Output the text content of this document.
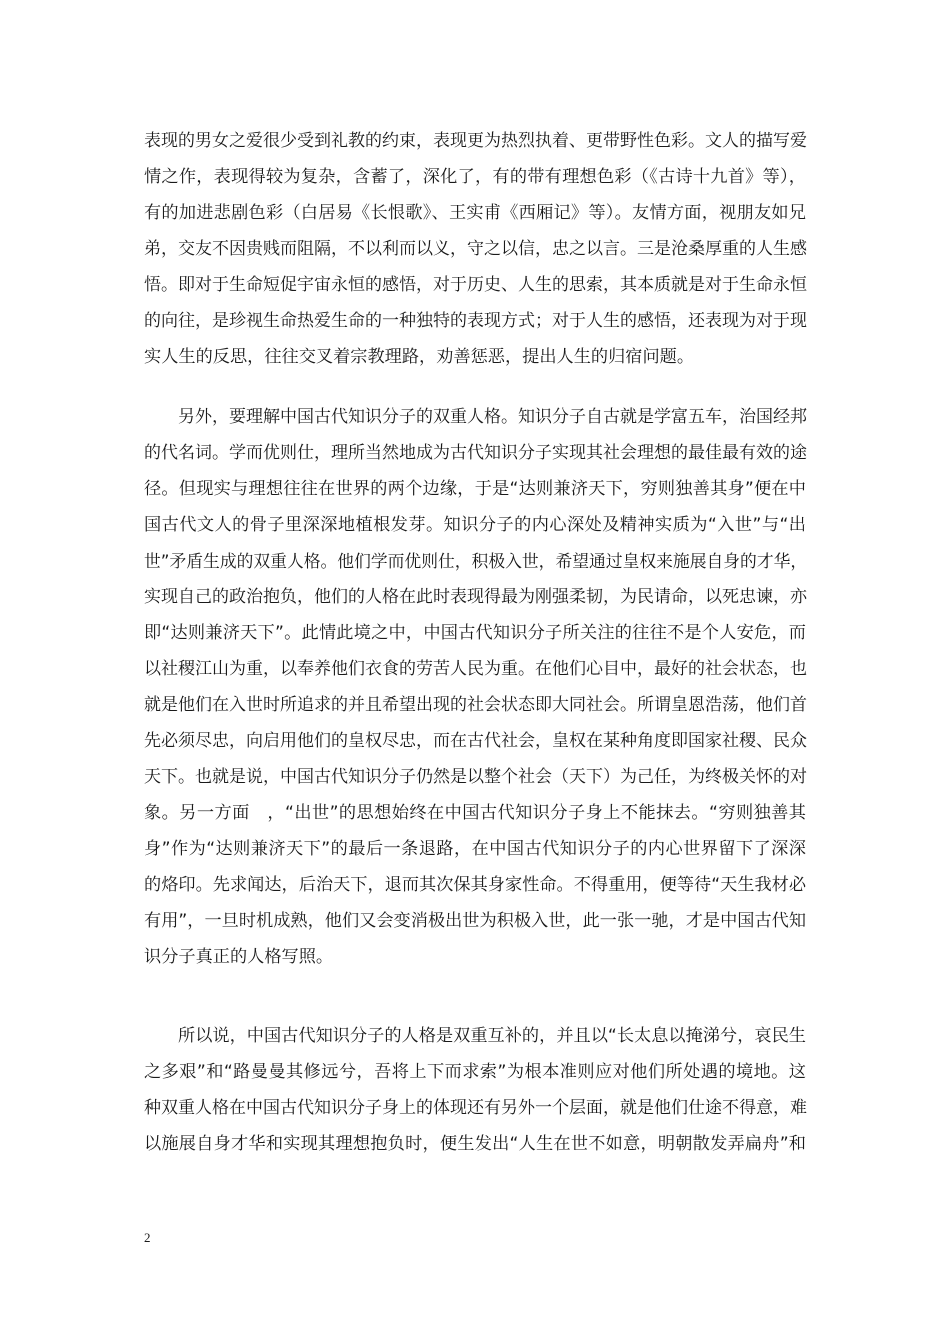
表现的男女之爱很少受到礼教的约束，表现更为热烈执着、更带野性色彩。文人的描写爱
情之作，表现得较为复杂，含蓄了，深化了，有的带有理想色彩（《古诗十九首》等），
有的加进悲剧色彩（白居易《长恨歌》、王实甫《西厢记》等）。友情方面，视朋友如兄
弟，交友不因贵贱而阻隔，不以利而以义，守之以信，忠之以言。三是沧桑厚重的人生感
悟。即对于生命短促宇宙永恒的感悟，对于历史、人生的思索，其本质就是对于生命永恒
的向往，是珍视生命热爱生命的一种独特的表现方式；对于人生的感悟，还表现为对于现
实人生的反思，往往交叉着宗教理路，劝善惩恶，提出人生的归宿问题。
另外，要理解中国古代知识分子的双重人格。知识分子自古就是学富五车，治国经邦
的代名词。学而优则仕，理所当然地成为古代知识分子实现其社会理想的最佳最有效的途
径。但现实与理想往往在世界的两个边缘，于是“达则兼济天下，穷则独善其身”便在中
国古代文人的骨子里深深地植根发芽。知识分子的内心深处及精神实质为“入世”与“出
世”矛盾生成的双重人格。他们学而优则仕，积极入世，希望通过皇权来施展自身的才华，
实现自己的政治抱负，他们的人格在此时表现得最为刚强柔韧，为民请命，以死忠谏，亦
即“达则兼济天下”。此情此境之中，中国古代知识分子所关注的往往不是个人安危，而
以社稷江山为重，以奉养他们衣食的劳苦人民为重。在他们心目中，最好的社会状态，也
就是他们在入世时所追求的并且希望出现的社会状态即大同社会。所谓皇恩浩荡，他们首
先必须尽忠，向启用他们的皇权尽忠，而在古代社会，皇权在某种角度即国家社稷、民众
天下。也就是说，中国古代知识分子仍然是以整个社会（天下）为己任，为终极关怀的对
象。另一方面　，“出世”的思想始终在中国古代知识分子身上不能抹去。“穷则独善其
身”作为“达则兼济天下”的最后一条退路，在中国古代知识分子的内心世界留下了深深
的烙印。先求闻达，后治天下，退而其次保其身家性命。不得重用，便等待“天生我材必
有用”，一旦时机成熟，他们又会变消极出世为积极入世，此一张一驰，才是中国古代知
识分子真正的人格写照。
所以说，中国古代知识分子的人格是双重互补的，并且以“长太息以掩涕兮，哀民生
之多艰”和“路曼曼其修远兮，吾将上下而求索”为根本准则应对他们所处遇的境地。这
种双重人格在中国古代知识分子身上的体现还有另外一个层面，就是他们仕途不得意，难
以施展自身才华和实现其理想抱负时，便生发出“人生在世不如意，明朝散发弄扁舟”和
2
